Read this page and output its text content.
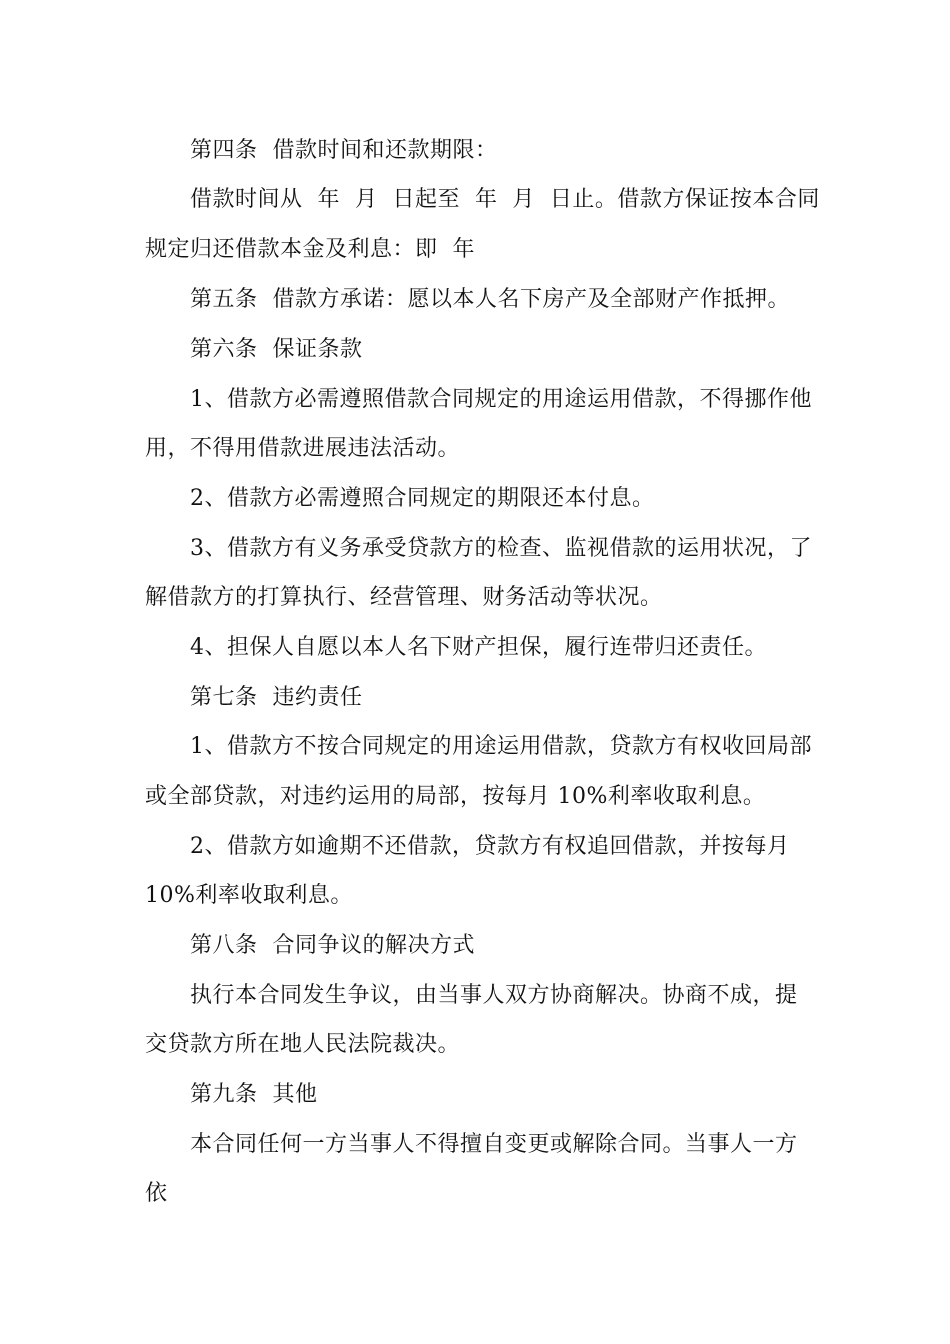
第四条  借款时间和还款期限：
借款时间从  年  月  日起至  年  月  日止。借款方保证按本合同
规定归还借款本金及利息：即  年
第五条  借款方承诺：愿以本人名下房产及全部财产作抵押。
第六条  保证条款
1、借款方必需遵照借款合同规定的用途运用借款，不得挪作他
用，不得用借款进展违法活动。
2、借款方必需遵照合同规定的期限还本付息。
3、借款方有义务承受贷款方的检查、监视借款的运用状况，了
解借款方的打算执行、经营管理、财务活动等状况。
4、担保人自愿以本人名下财产担保，履行连带归还责任。
第七条  违约责任
1、借款方不按合同规定的用途运用借款，贷款方有权收回局部
或全部贷款，对违约运用的局部，按每月 10%利率收取利息。
2、借款方如逾期不还借款，贷款方有权追回借款，并按每月
10%利率收取利息。
第八条  合同争议的解决方式
执行本合同发生争议，由当事人双方协商解决。协商不成，提
交贷款方所在地人民法院裁决。
第九条  其他
本合同任何一方当事人不得擅自变更或解除合同。当事人一方
依
